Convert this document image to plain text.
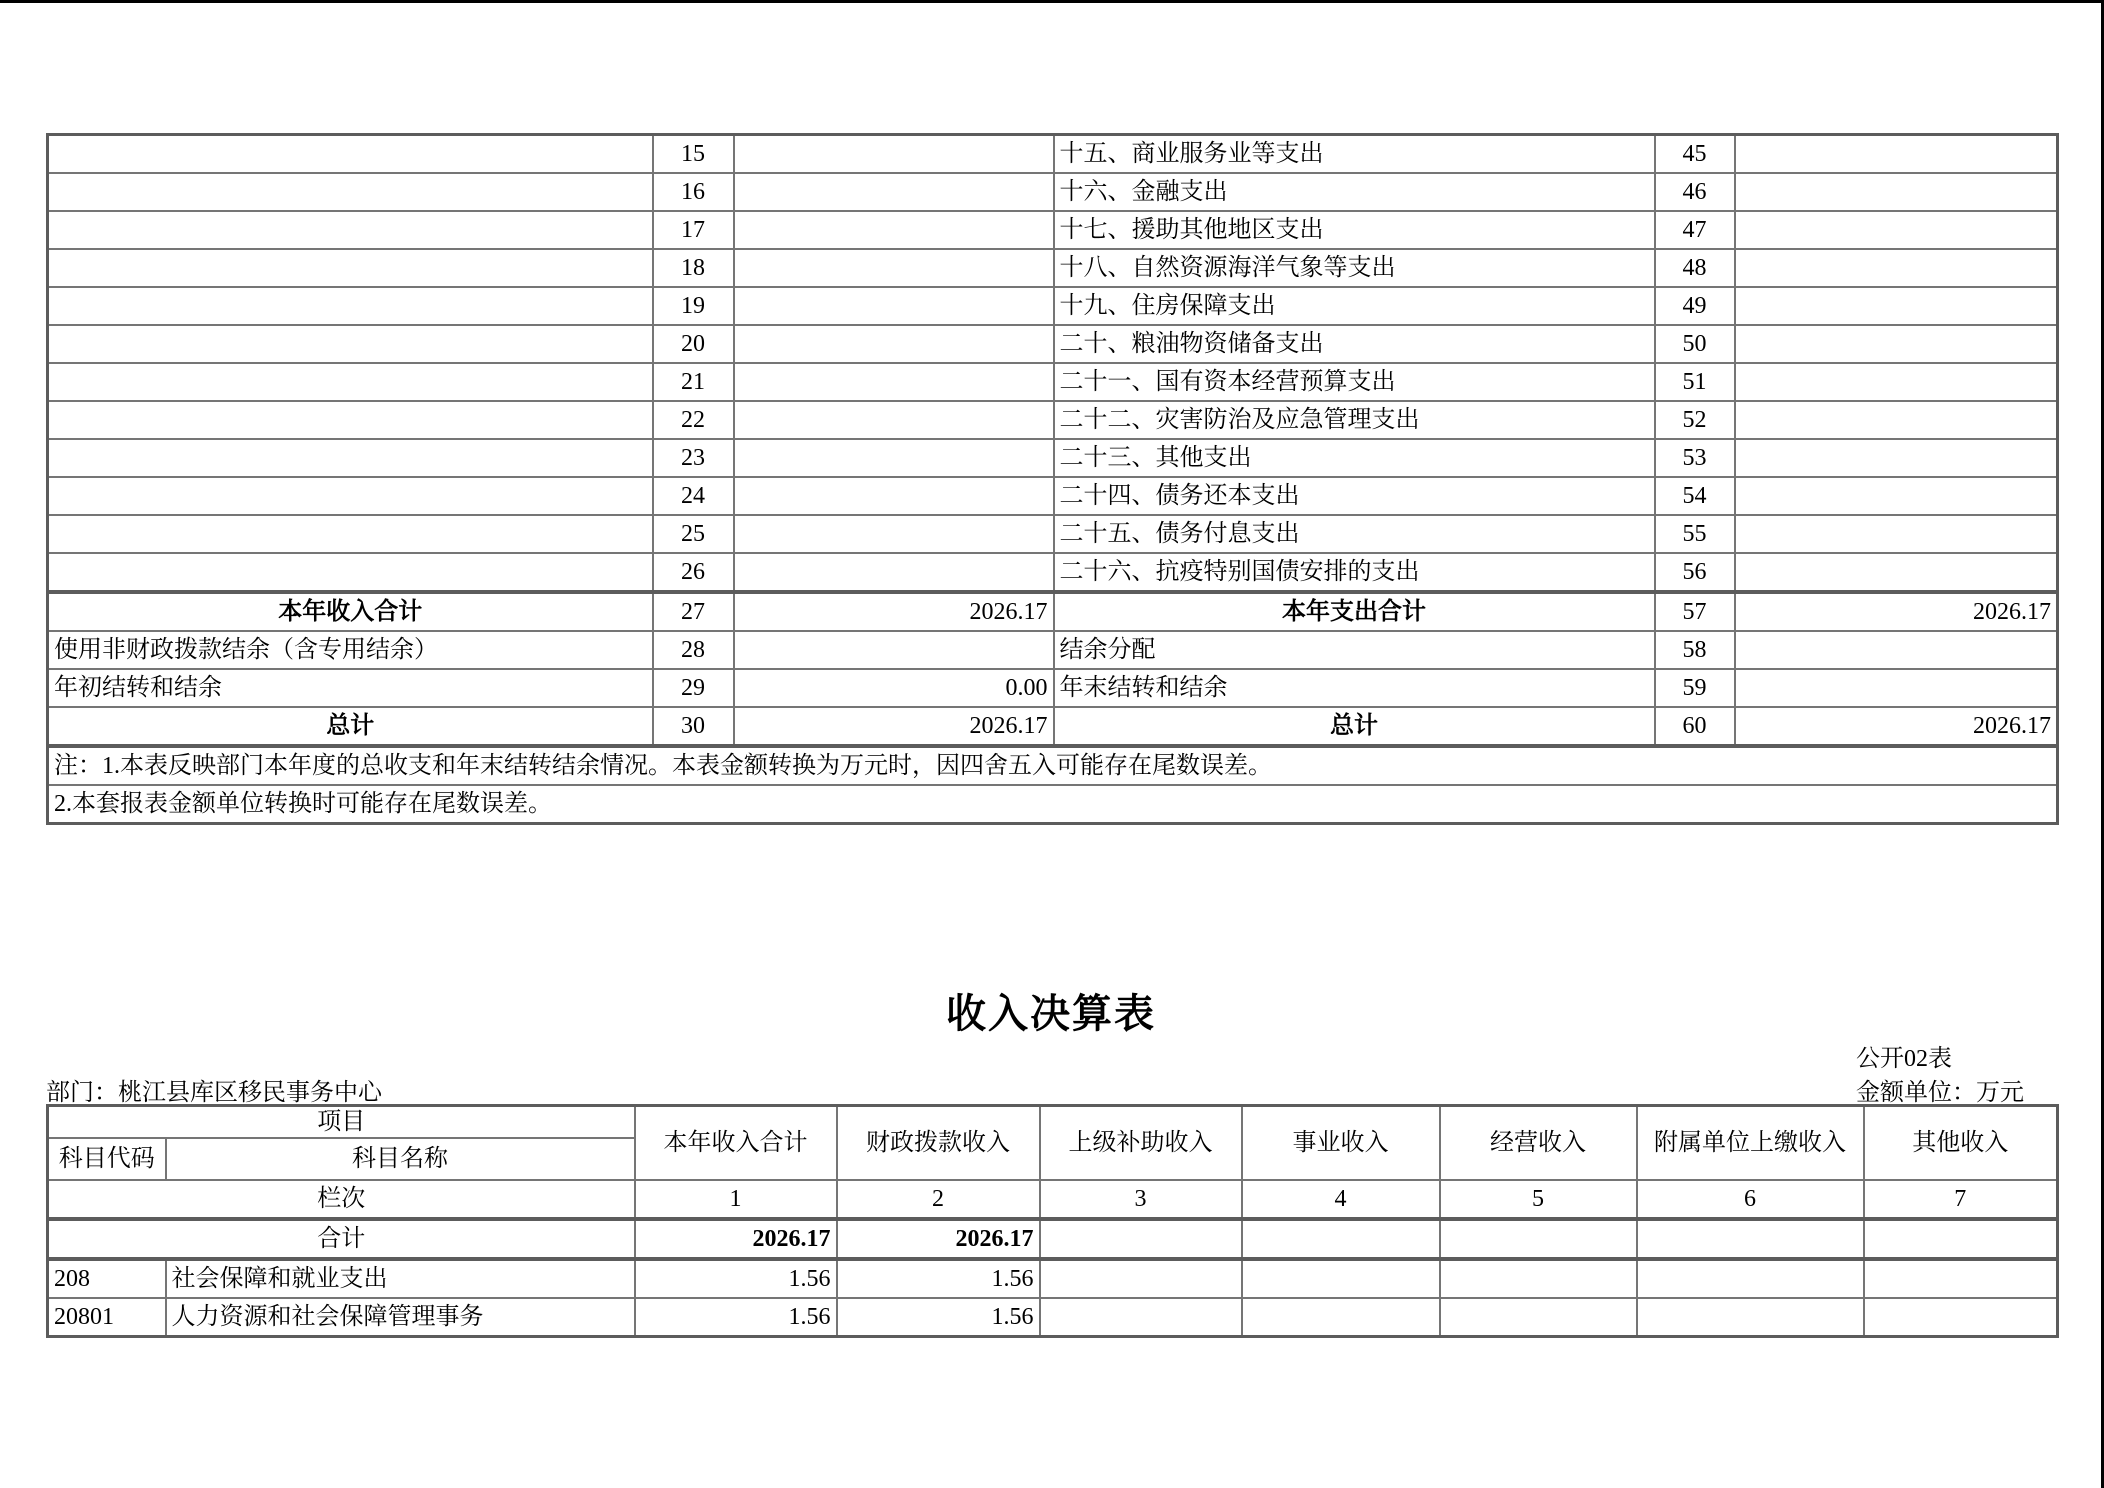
	15		十五、商业服务业等支出	45	
	16		十六、金融支出	46	
	17		十七、援助其他地区支出	47	
	18		十八、自然资源海洋气象等支出	48	
	19		十九、住房保障支出	49	
	20		二十、粮油物资储备支出	50	
	21		二十一、国有资本经营预算支出	51	
	22		二十二、灾害防治及应急管理支出	52	
	23		二十三、其他支出	53	
	24		二十四、债务还本支出	54	
	25		二十五、债务付息支出	55	
	26		二十六、抗疫特别国债安排的支出	56	
本年收入合计	27	2026.17	本年支出合计	57	2026.17
使用非财政拨款结余（含专用结余）	28		结余分配	58	
年初结转和结余	29	0.00	年末结转和结余	59	
总计	30	2026.17	总计	60	2026.17
注：1.本表反映部门本年度的总收支和年末结转结余情况。本表金额转换为万元时，因四舍五入可能存在尾数误差。					
2.本套报表金额单位转换时可能存在尾数误差。					
收入决算表
公开02表
部门：桃江县库区移民事务中心	金额单位：万元
项目		本年收入合计	财政拨款收入	上级补助收入	事业收入	经营收入	附属单位上缴收入	其他收入
科目代码	科目名称							
栏次		1	2	3	4	5	6	7
合计		2026.17	2026.17					
208	社会保障和就业支出	1.56	1.56					
20801	人力资源和社会保障管理事务	1.56	1.56					
